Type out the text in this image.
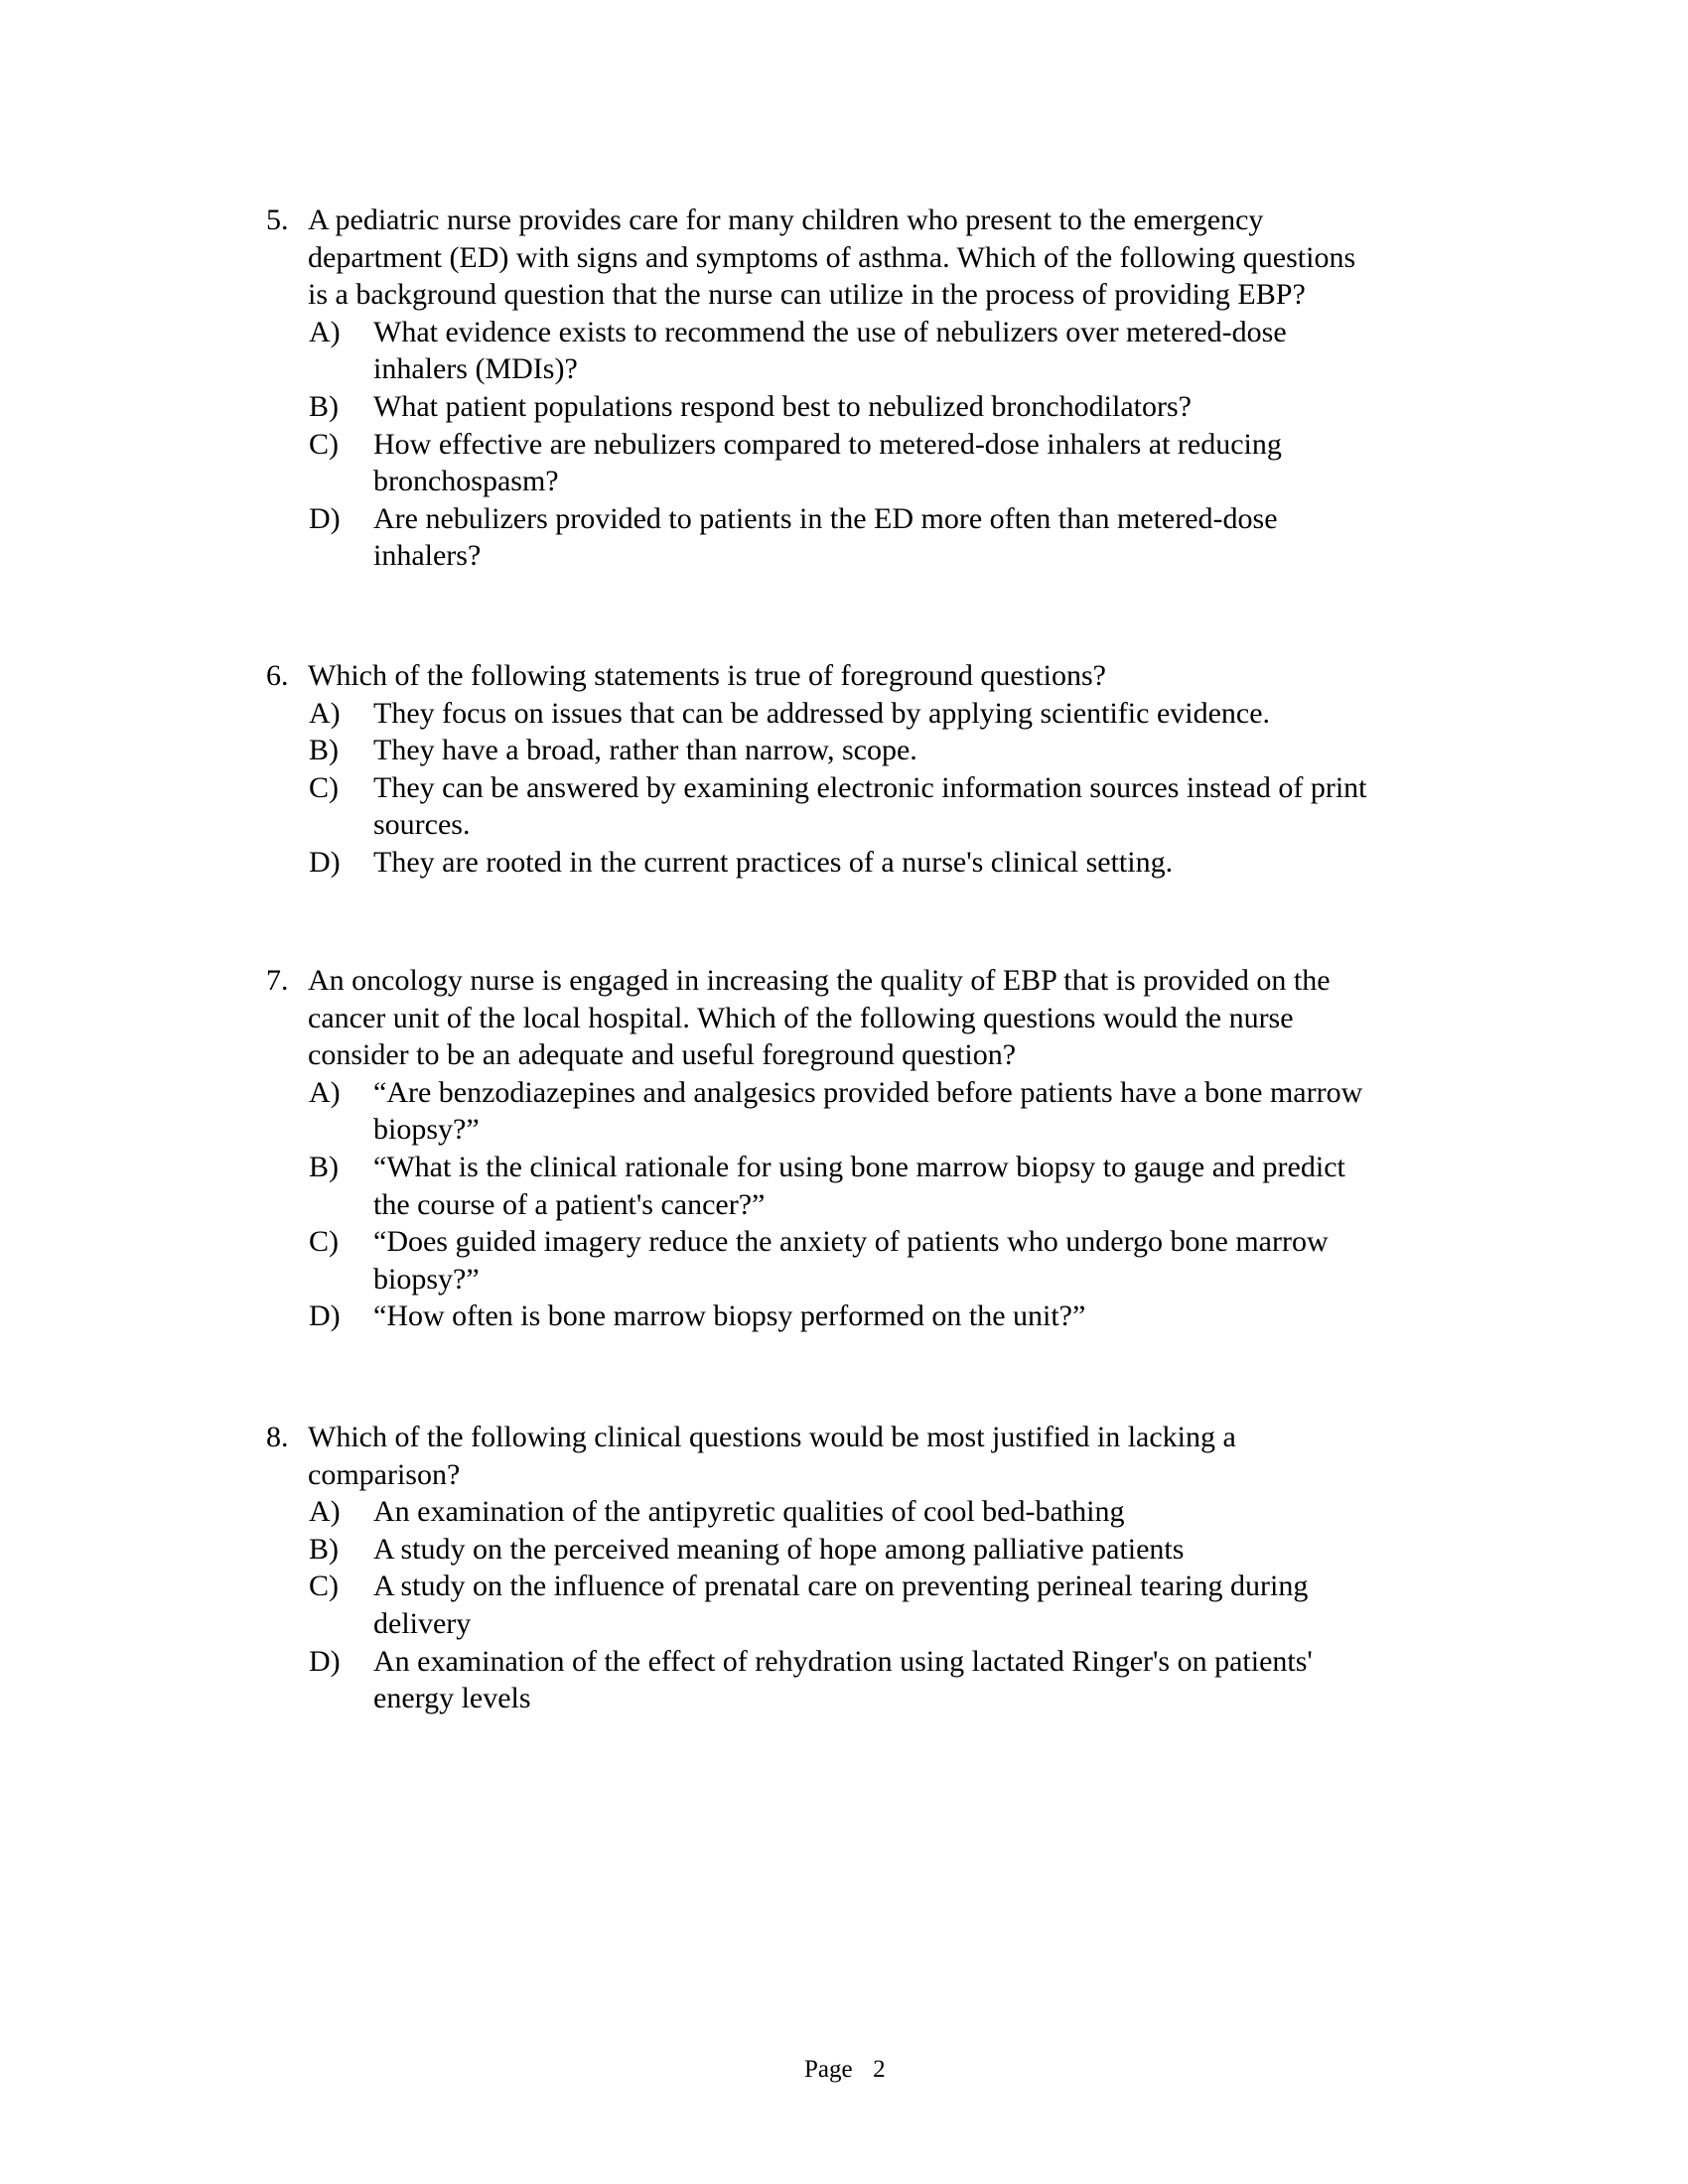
5. A pediatric nurse provides care for many children who present to the emergency
department (ED) with signs and symptoms of asthma. Which of the following questions
is a background question that the nurse can utilize in the process of providing EBP?
A) What evidence exists to recommend the use of nebulizers over metered-dose
inhalers (MDIs)?
B) What patient populations respond best to nebulized bronchodilators?
C) How effective are nebulizers compared to metered-dose inhalers at reducing
bronchospasm?
D) Are nebulizers provided to patients in the ED more often than metered-dose
inhalers?
6. Which of the following statements is true of foreground questions?
A) They focus on issues that can be addressed by applying scientific evidence.
B) They have a broad, rather than narrow, scope.
C) They can be answered by examining electronic information sources instead of print
sources.
D) They are rooted in the current practices of a nurse's clinical setting.
7. An oncology nurse is engaged in increasing the quality of EBP that is provided on the
cancer unit of the local hospital. Which of the following questions would the nurse
consider to be an adequate and useful foreground question?
A) “Are benzodiazepines and analgesics provided before patients have a bone marrow
biopsy?”
B) “What is the clinical rationale for using bone marrow biopsy to gauge and predict
the course of a patient's cancer?”
C) “Does guided imagery reduce the anxiety of patients who undergo bone marrow
biopsy?”
D) “How often is bone marrow biopsy performed on the unit?”
8. Which of the following clinical questions would be most justified in lacking a
comparison?
A) An examination of the antipyretic qualities of cool bed-bathing
B) A study on the perceived meaning of hope among palliative patients
C) A study on the influence of prenatal care on preventing perineal tearing during
delivery
D) An examination of the effect of rehydration using lactated Ringer's on patients'
energy levels
Page  2
